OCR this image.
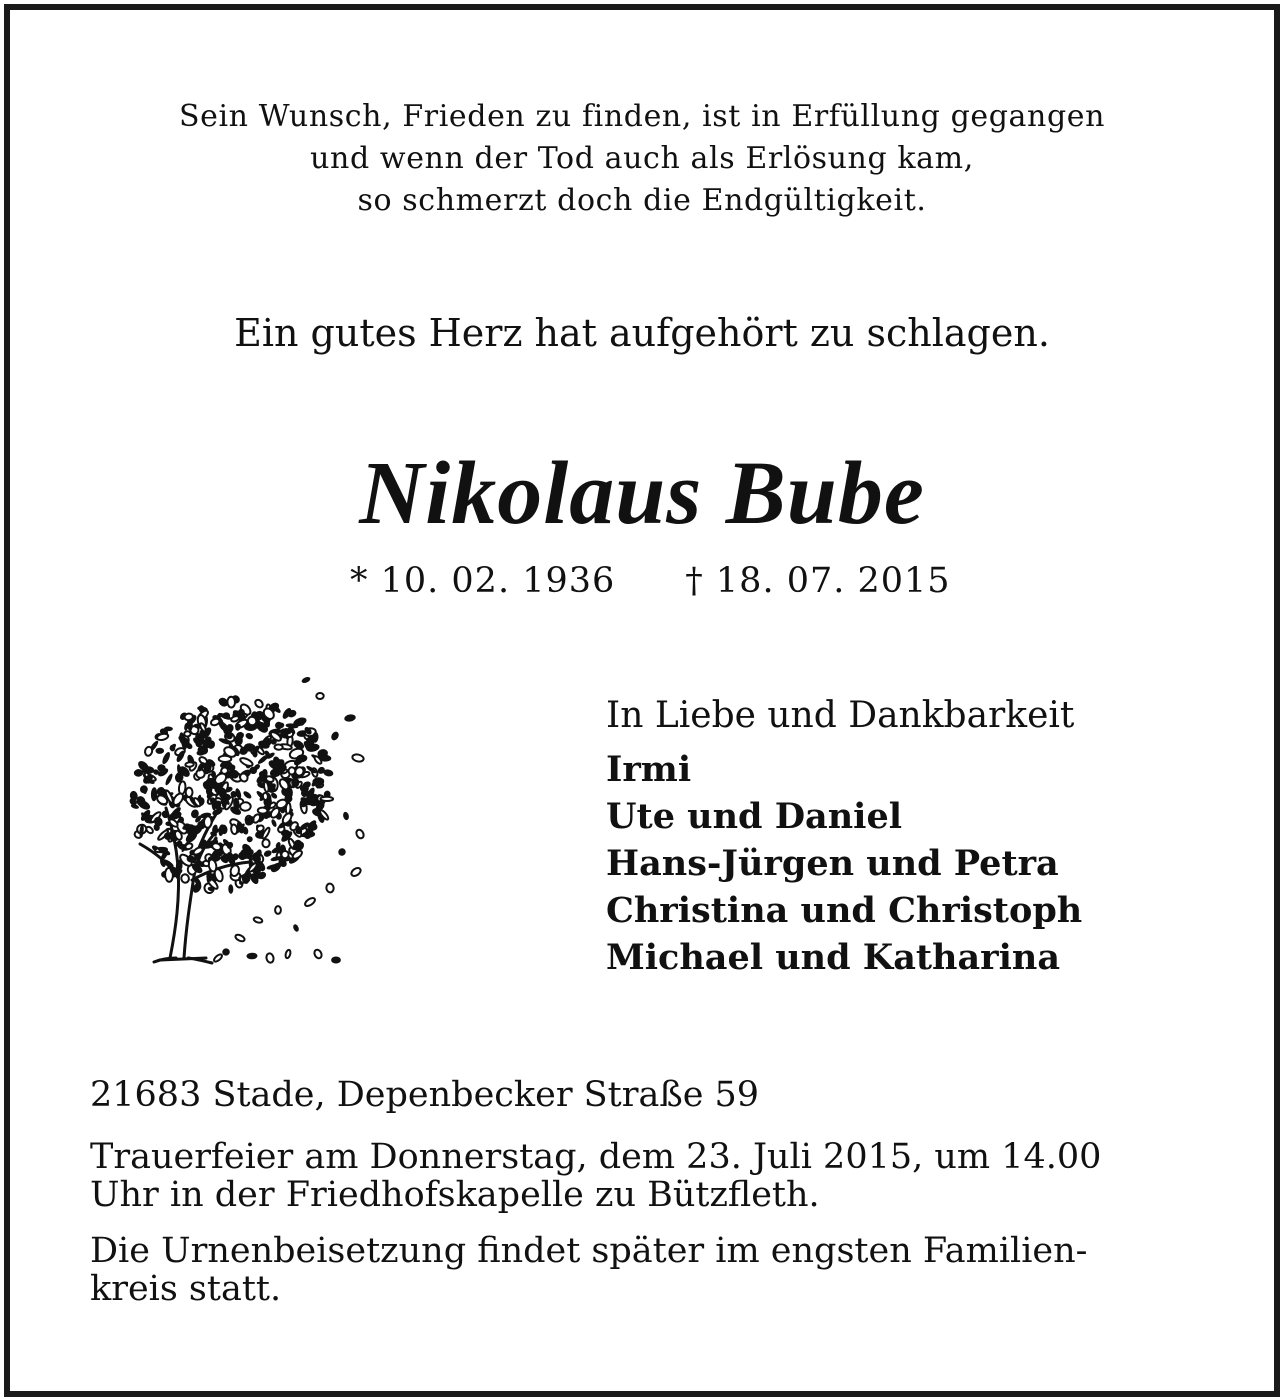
Sein Wunsch, Frieden zu finden, ist in Erfüllung gegangen
und wenn der Tod auch als Erlösung kam,
so schmerzt doch die Endgültigkeit.
Ein gutes Herz hat aufgehört zu schlagen.
Nikolaus Bube
* 10. 02. 1936 † 18. 07. 2015
In Liebe und Dankbarkeit
Irmi
Ute und Daniel
Hans-Jürgen und Petra
Christina und Christoph
Michael und Katharina
21683 Stade, Depenbecker Straße 59
Trauerfeier am Donnerstag, dem 23. Juli 2015, um 14.00
Uhr in der Friedhofskapelle zu Bützfleth.
Die Urnenbeisetzung findet später im engsten Familien-
kreis statt.
